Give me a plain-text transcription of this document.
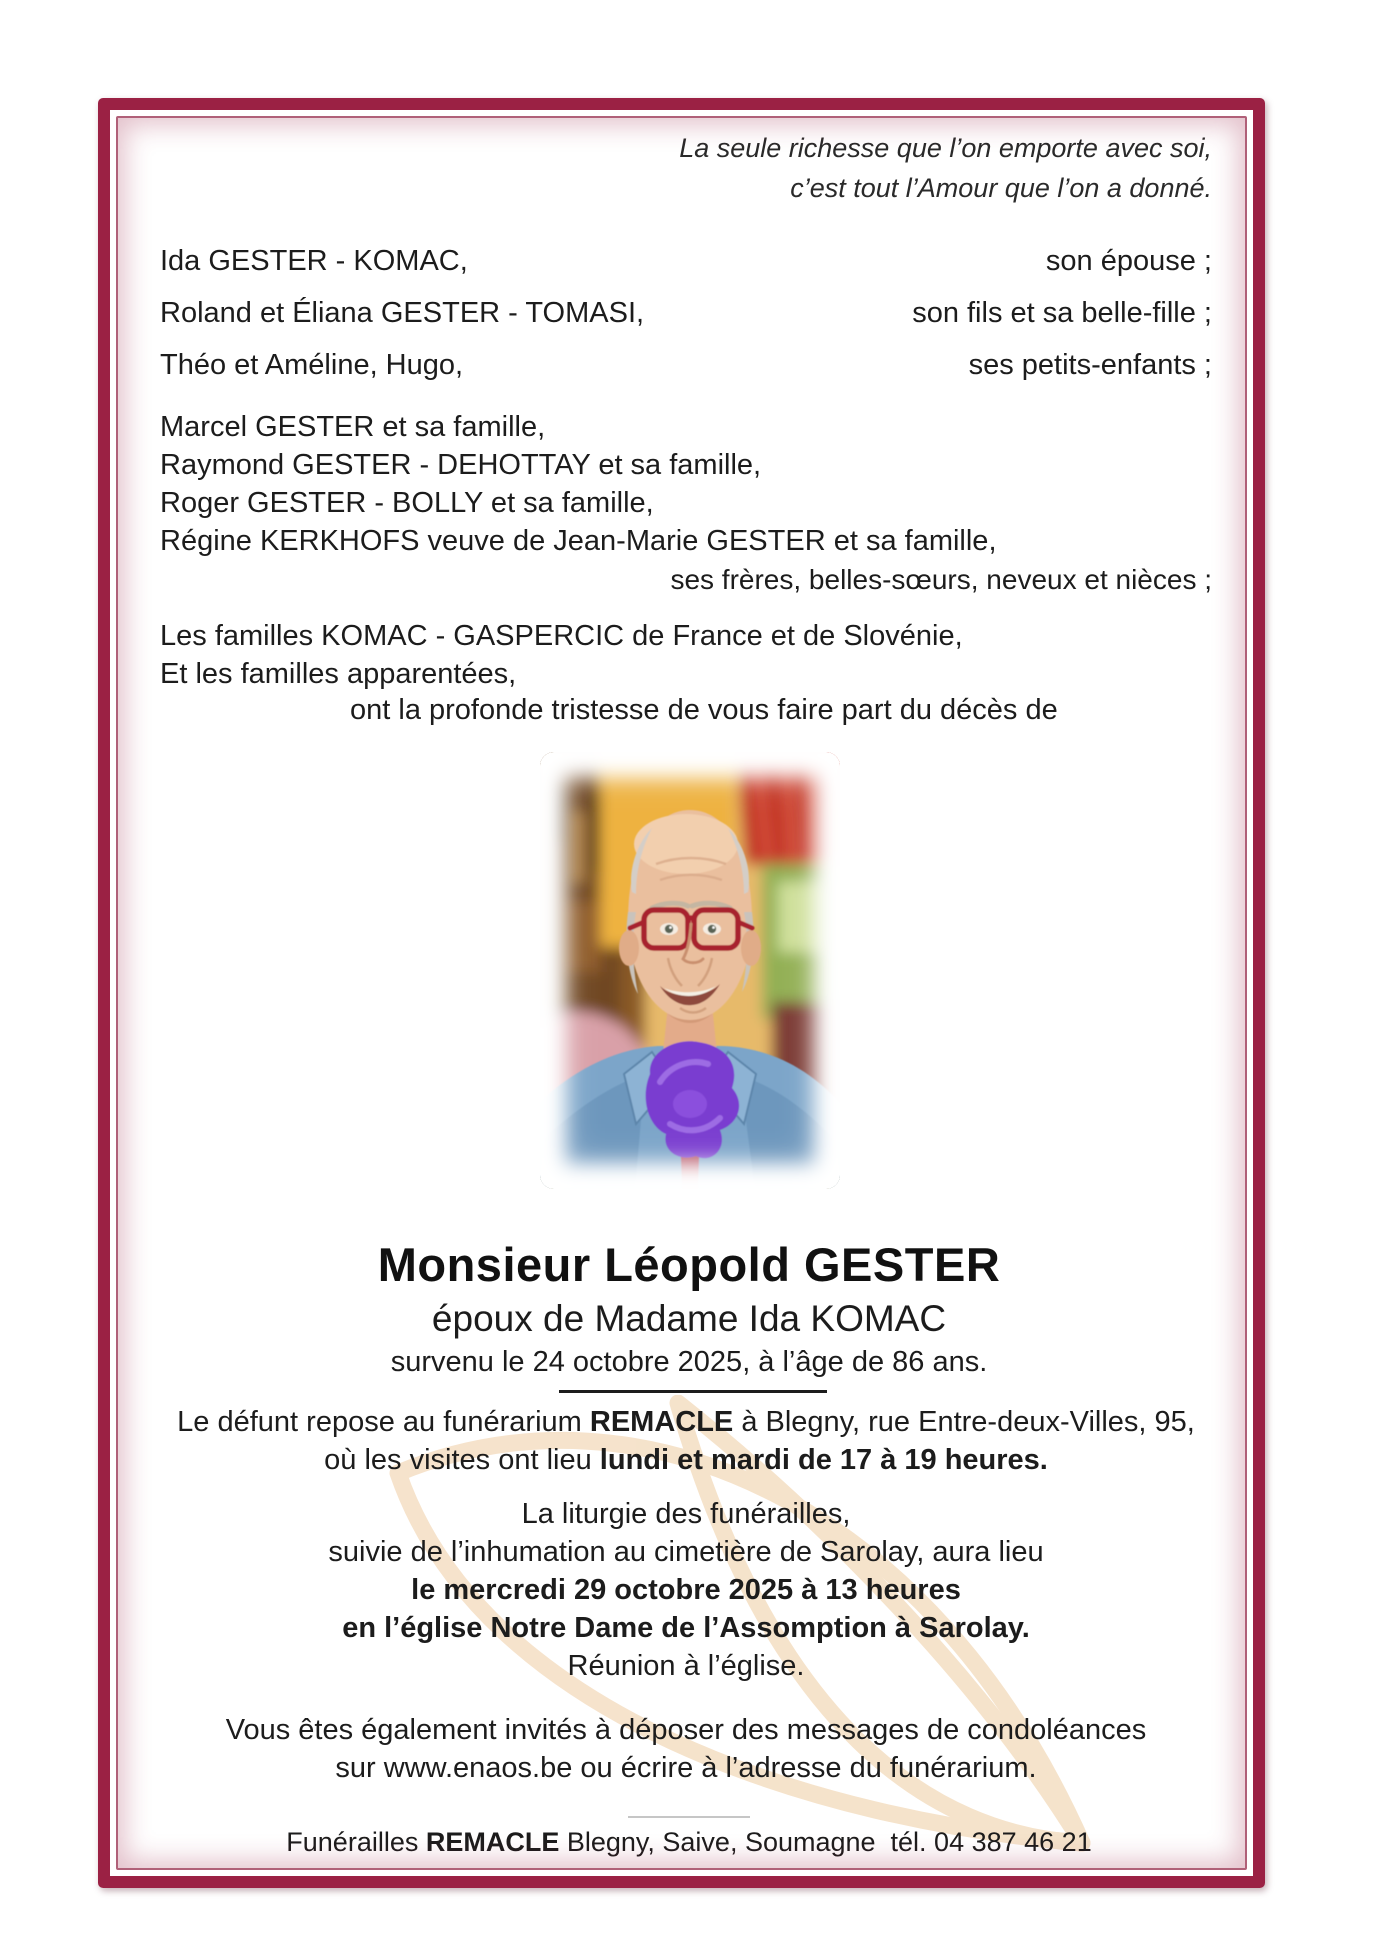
La seule richesse que l’on emporte avec soi,
c’est tout l’Amour que l’on a donné.
Ida GESTER - KOMAC,	son épouse ;
Roland et Éliana GESTER - TOMASI,	son fils et sa belle-fille ;
Théo et Améline, Hugo,	ses petits-enfants ;
Marcel GESTER et sa famille,
Raymond GESTER - DEHOTTAY et sa famille,
Roger GESTER - BOLLY et sa famille,
Régine KERKHOFS veuve de Jean-Marie GESTER et sa famille,
ses frères, belles-sœurs, neveux et nièces ;
Les familles KOMAC - GASPERCIC de France et de Slovénie,
Et les familles apparentées,
ont la profonde tristesse de vous faire part du décès de
Monsieur Léopold GESTER
époux de Madame Ida KOMAC
survenu le 24 octobre 2025, à l’âge de 86 ans.
Le défunt repose au funérarium REMACLE à Blegny, rue Entre-deux-Villes, 95,
où les visites ont lieu lundi et mardi de 17 à 19 heures.
La liturgie des funérailles,
suivie de l’inhumation au cimetière de Sarolay, aura lieu
le mercredi 29 octobre 2025 à 13 heures
en l’église Notre Dame de l’Assomption à Sarolay.
Réunion à l’église.
Vous êtes également invités à déposer des messages de condoléances
sur www.enaos.be ou écrire à l’adresse du funérarium.
Funérailles REMACLE Blegny, Saive, Soumagne  tél. 04 387 46 21
